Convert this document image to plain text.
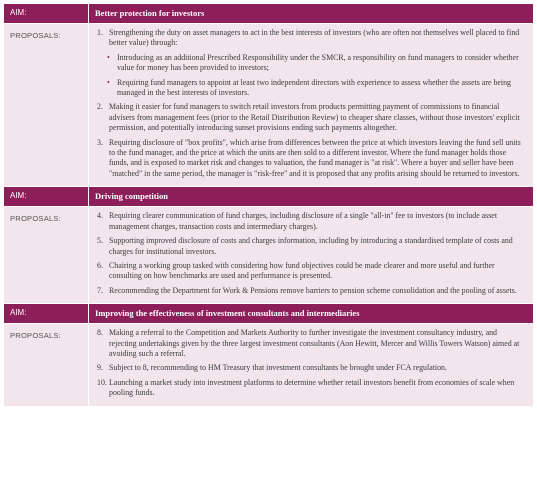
AIM:	Better protection for investors
PROPOSALS:	1. Strengthening the duty on asset managers to act in the best interests of investors (who are often not themselves well placed to find better value) through:
• Introducing as an additional Prescribed Responsibility under the SMCR, a responsibility on fund managers to consider whether value for money has been provided to investors;
• Requiring fund managers to appoint at least two independent directors with experience to assess whether the assets are being managed in the best interests of investors.
2. Making it easier for fund managers to switch retail investors from products permitting payment of commissions to financial advisers from management fees (prior to the Retail Distribution Review) to cheaper share classes, without those investors' explicit permission, and potentially introducing sunset provisions ending such payments altogether.
3. Requiring disclosure of "box profits", which arise from differences between the price at which investors leaving the fund sell units to the fund manager, and the price at which the units are then sold to a different investor. Where the fund manager holds those funds, and is exposed to market risk and changes to valuation, the fund manager is "at risk". Where a buyer and seller have been "matched" in the same period, the manager is "risk-free" and it is proposed that any profits arising should be returned to investors.
AIM:	Driving competition
PROPOSALS:	4. Requiring clearer communication of fund charges, including disclosure of a single "all-in" fee to investors (to include asset management charges, transaction costs and intermediary charges).
5. Supporting improved disclosure of costs and charges information, including by introducing a standardised template of costs and charges for institutional investors.
6. Chairing a working group tasked with considering how fund objectives could be made clearer and more useful and further consulting on how benchmarks are used and performance is presented.
7. Recommending the Department for Work & Pensions remove barriers to pension scheme consolidation and the pooling of assets.
AIM:	Improving the effectiveness of investment consultants and intermediaries
PROPOSALS:	8. Making a referral to the Competition and Markets Authority to further investigate the investment consultancy industry, and rejecting undertakings given by the three largest investment consultants (Aon Hewitt, Mercer and Willis Towers Watson) aimed at avoiding such a referral.
9. Subject to 8, recommending to HM Treasury that investment consultants be brought under FCA regulation.
10. Launching a market study into investment platforms to determine whether retail investors benefit from economies of scale when pooling funds.
